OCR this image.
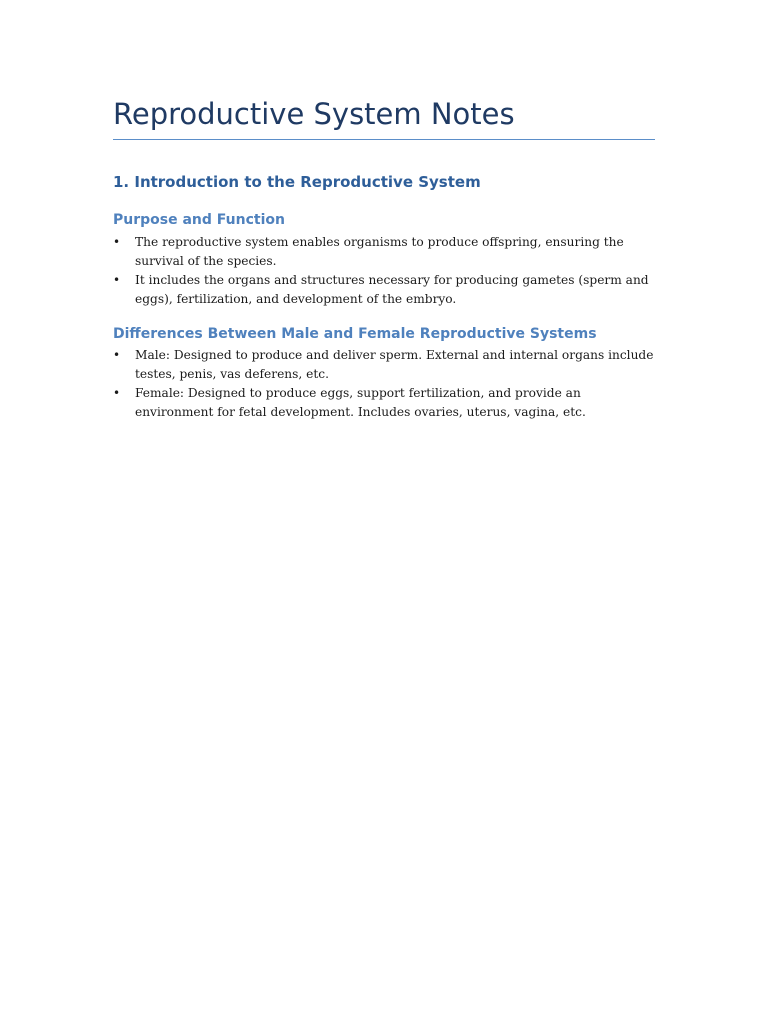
Reproductive System Notes
1. Introduction to the Reproductive System
Purpose and Function
• The reproductive system enables organisms to produce offspring, ensuring the survival of the species.
• It includes the organs and structures necessary for producing gametes (sperm and eggs), fertilization, and development of the embryo.
Differences Between Male and Female Reproductive Systems
• Male: Designed to produce and deliver sperm. External and internal organs include testes, penis, vas deferens, etc.
• Female: Designed to produce eggs, support fertilization, and provide an environment for fetal development. Includes ovaries, uterus, vagina, etc.
